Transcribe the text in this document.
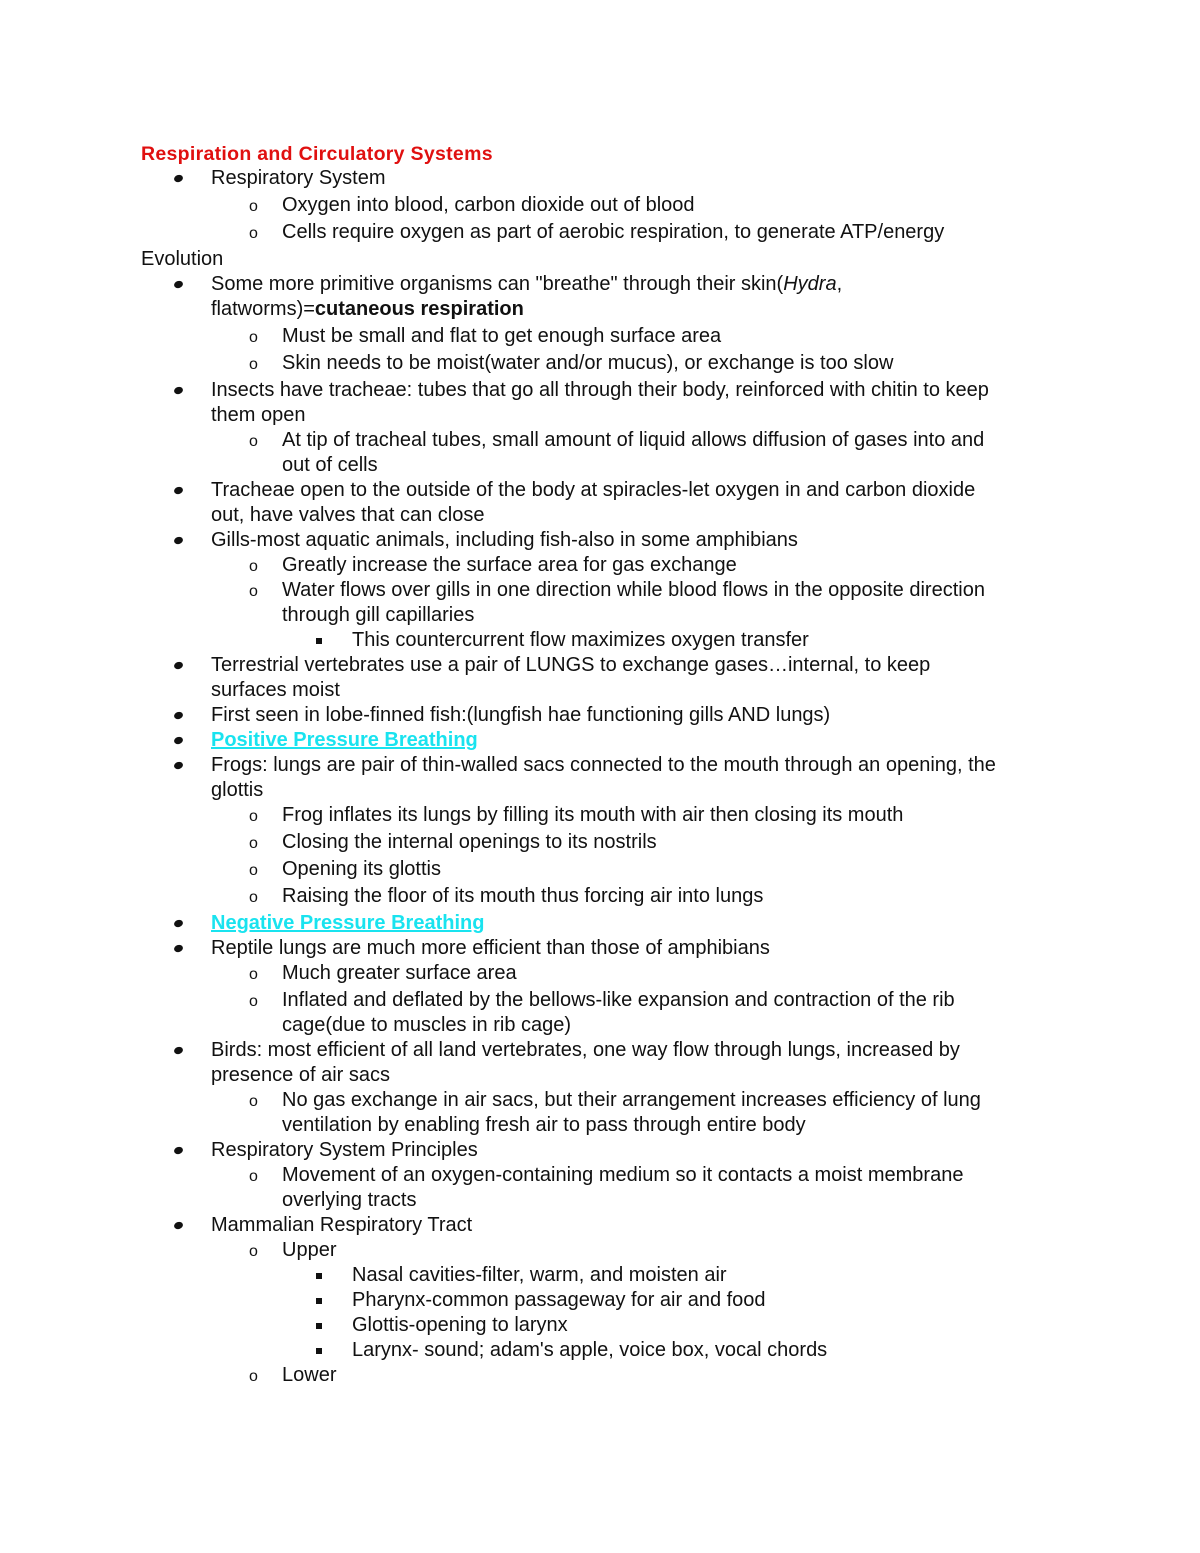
Respiration and Circulatory Systems
Respiratory System
o Oxygen into blood, carbon dioxide out of blood
o Cells require oxygen as part of aerobic respiration, to generate ATP/energy
Evolution
Some more primitive organisms can "breathe" through their skin(Hydra,
flatworms)=cutaneous respiration
o Must be small and flat to get enough surface area
o Skin needs to be moist(water and/or mucus), or exchange is too slow
Insects have tracheae: tubes that go all through their body, reinforced with chitin to keep
them open
o At tip of tracheal tubes, small amount of liquid allows diffusion of gases into and
out of cells
Tracheae open to the outside of the body at spiracles-let oxygen in and carbon dioxide
out, have valves that can close
Gills-most aquatic animals, including fish-also in some amphibians
o Greatly increase the surface area for gas exchange
o Water flows over gills in one direction while blood flows in the opposite direction
through gill capillaries
This countercurrent flow maximizes oxygen transfer
Terrestrial vertebrates use a pair of LUNGS to exchange gases…internal, to keep
surfaces moist
First seen in lobe-finned fish:(lungfish hae functioning gills AND lungs)
Positive Pressure Breathing
Frogs: lungs are pair of thin-walled sacs connected to the mouth through an opening, the
glottis
o Frog inflates its lungs by filling its mouth with air then closing its mouth
o Closing the internal openings to its nostrils
o Opening its glottis
o Raising the floor of its mouth thus forcing air into lungs
Negative Pressure Breathing
Reptile lungs are much more efficient than those of amphibians
o Much greater surface area
o Inflated and deflated by the bellows-like expansion and contraction of the rib
cage(due to muscles in rib cage)
Birds: most efficient of all land vertebrates, one way flow through lungs, increased by
presence of air sacs
o No gas exchange in air sacs, but their arrangement increases efficiency of lung
ventilation by enabling fresh air to pass through entire body
Respiratory System Principles
o Movement of an oxygen-containing medium so it contacts a moist membrane
overlying tracts
Mammalian Respiratory Tract
o Upper
Nasal cavities-filter, warm, and moisten air
Pharynx-common passageway for air and food
Glottis-opening to larynx
Larynx- sound; adam's apple, voice box, vocal chords
o Lower
